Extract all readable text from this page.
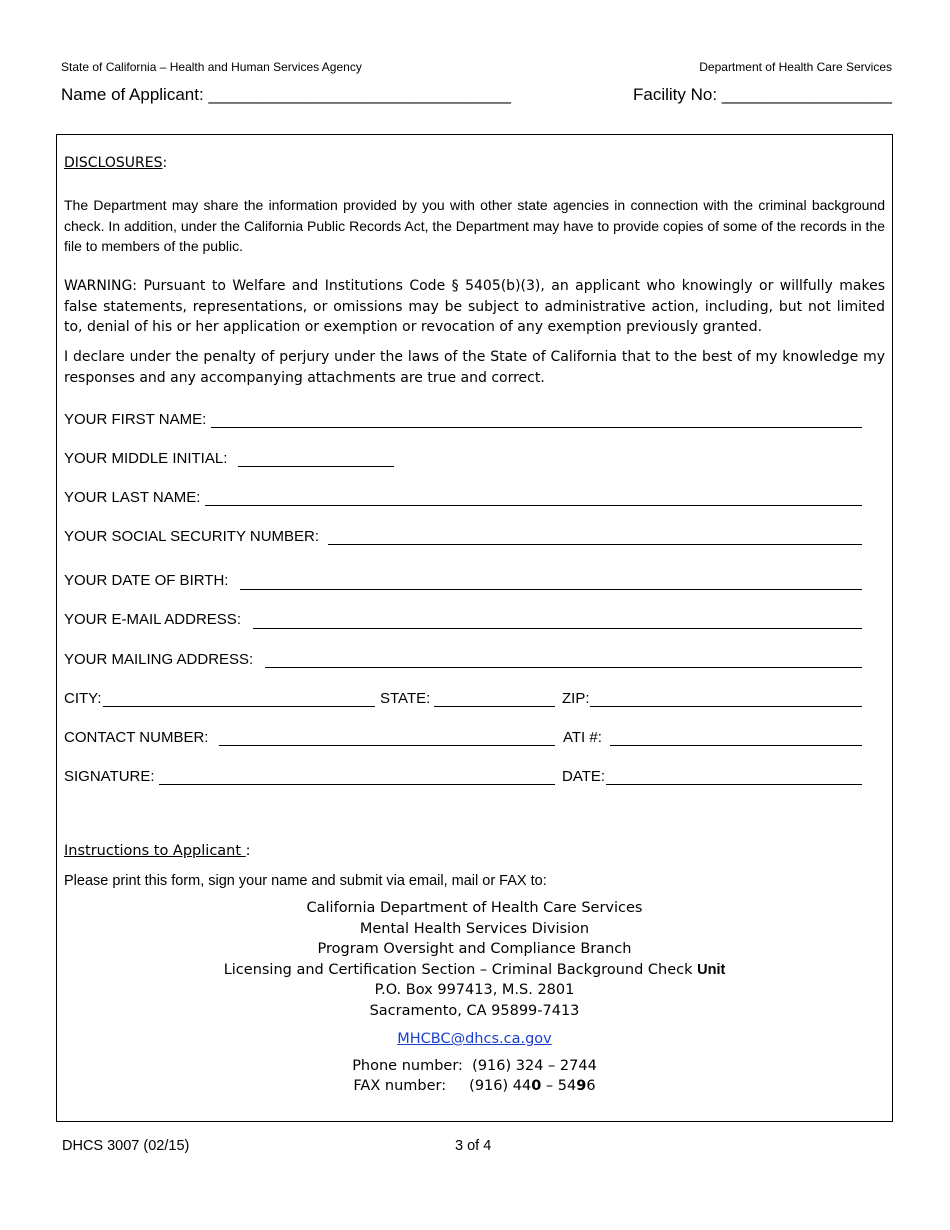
State of California – Health and Human Services Agency	Department of Health Care Services
Name of Applicant: ________________________________	Facility No: __________________
DISCLOSURES:
The Department may share the information provided by you with other state agencies in connection with the criminal background check. In addition, under the California Public Records Act, the Department may have to provide copies of some of the records in the file to members of the public.
WARNING: Pursuant to Welfare and Institutions Code § 5405(b)(3), an applicant who knowingly or willfully makes false statements, representations, or omissions may be subject to administrative action, including, but not limited to, denial of his or her application or exemption or revocation of any exemption previously granted.
I declare under the penalty of perjury under the laws of the State of California that to the best of my knowledge my responses and any accompanying attachments are true and correct.
YOUR FIRST NAME:
YOUR MIDDLE INITIAL:
YOUR LAST NAME:
YOUR SOCIAL SECURITY NUMBER:
YOUR DATE OF BIRTH:
YOUR E-MAIL ADDRESS:
YOUR MAILING ADDRESS:
CITY:	STATE:	ZIP:
CONTACT NUMBER:	ATI #:
SIGNATURE:	DATE:
Instructions to Applicant :
Please print this form, sign your name and submit via email, mail or FAX to:
California Department of Health Care Services
Mental Health Services Division
Program Oversight and Compliance Branch
Licensing and Certification Section – Criminal Background Check Unit
P.O. Box 997413, M.S. 2801
Sacramento, CA 95899-7413
MHCBC@dhcs.ca.gov
Phone number: (916) 324 – 2744
FAX number: (916) 440 – 5496
DHCS 3007 (02/15)	3 of 4
